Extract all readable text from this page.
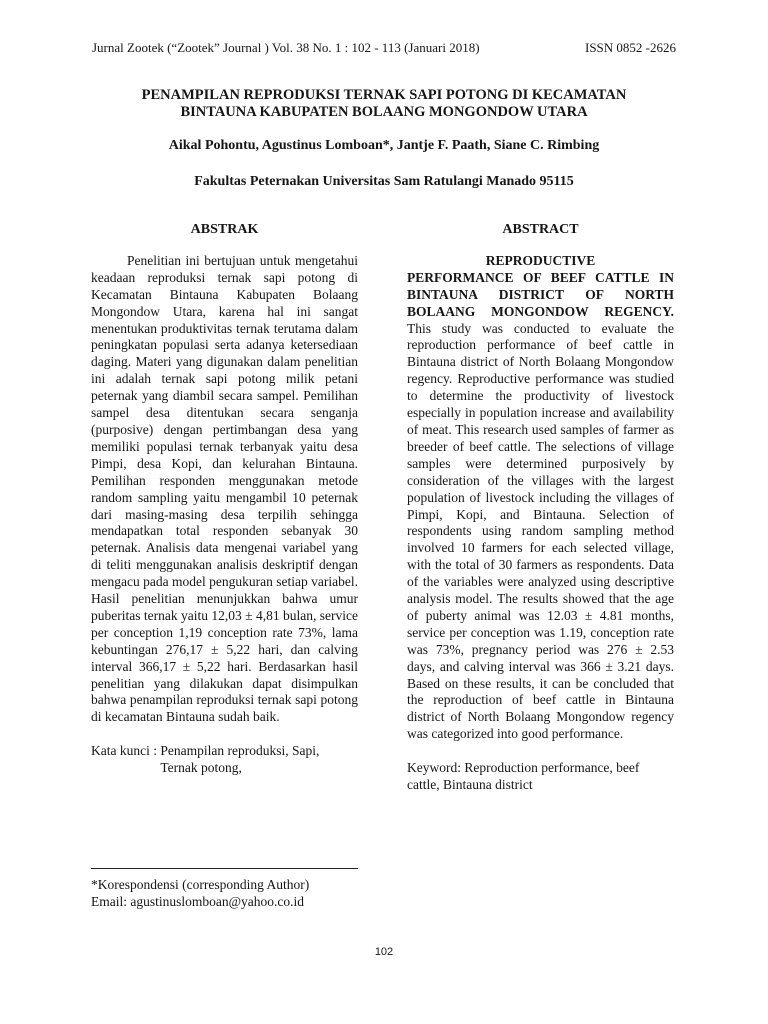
Jurnal Zootek (“Zootek” Journal ) Vol. 38 No. 1 : 102 - 113 (Januari 2018)	ISSN 0852 -2626
PENAMPILAN REPRODUKSI TERNAK SAPI POTONG DI KECAMATAN
BINTAUNA KABUPATEN BOLAANG MONGONDOW UTARA
Aikal Pohontu, Agustinus Lomboan*, Jantje F. Paath, Siane C. Rimbing
Fakultas Peternakan Universitas Sam Ratulangi Manado 95115
ABSTRAK

Penelitian ini bertujuan untuk mengetahui keadaan reproduksi ternak sapi potong di Kecamatan Bintauna Kabupaten Bolaang Mongondow Utara, karena hal ini sangat menentukan produktivitas ternak terutama dalam peningkatan populasi serta adanya ketersediaan daging. Materi yang digunakan dalam penelitian ini adalah ternak sapi potong milik petani peternak yang diambil secara sampel. Pemilihan sampel desa ditentukan secara senganja (purposive) dengan pertimbangan desa yang memiliki populasi ternak terbanyak yaitu desa Pimpi, desa Kopi, dan kelurahan Bintauna. Pemilihan responden menggunakan metode random sampling yaitu mengambil 10 peternak dari masing-masing desa terpilih sehingga mendapatkan total responden sebanyak 30 peternak. Analisis data mengenai variabel yang di teliti menggunakan analisis deskriptif dengan mengacu pada model pengukuran setiap variabel. Hasil penelitian menunjukkan bahwa umur puberitas ternak yaitu 12,03 ± 4,81 bulan, service per conception 1,19 conception rate 73%, lama kebuntingan 276,17 ± 5,22 hari, dan calving interval 366,17 ± 5,22 hari. Berdasarkan hasil penelitian yang dilakukan dapat disimpulkan bahwa penampilan reproduksi ternak sapi potong di kecamatan Bintauna sudah baik.

Kata kunci : Penampilan reproduksi, Sapi,
Ternak potong,
ABSTRACT

REPRODUCTIVE
PERFORMANCE OF BEEF CATTLE IN BINTAUNA DISTRICT OF NORTH BOLAANG MONGONDOW REGENCY. This study was conducted to evaluate the reproduction performance of beef cattle in Bintauna district of North Bolaang Mongondow regency. Reproductive performance was studied to determine the productivity of livestock especially in population increase and availability of meat. This research used samples of farmer as breeder of beef cattle. The selections of village samples were determined purposively by consideration of the villages with the largest population of livestock including the villages of Pimpi, Kopi, and Bintauna. Selection of respondents using random sampling method involved 10 farmers for each selected village, with the total of 30 farmers as respondents. Data of the variables were analyzed using descriptive analysis model. The results showed that the age of puberty animal was 12.03 ± 4.81 months, service per conception was 1.19, conception rate was 73%, pregnancy period was 276 ± 2.53 days, and calving interval was 366 ± 3.21 days. Based on these results, it can be concluded that the reproduction of beef cattle in Bintauna district of North Bolaang Mongondow regency was categorized into good performance.

Keyword: Reproduction performance, beef cattle, Bintauna district
*Korespondensi (corresponding Author)
Email: agustinuslomboan@yahoo.co.id
102
